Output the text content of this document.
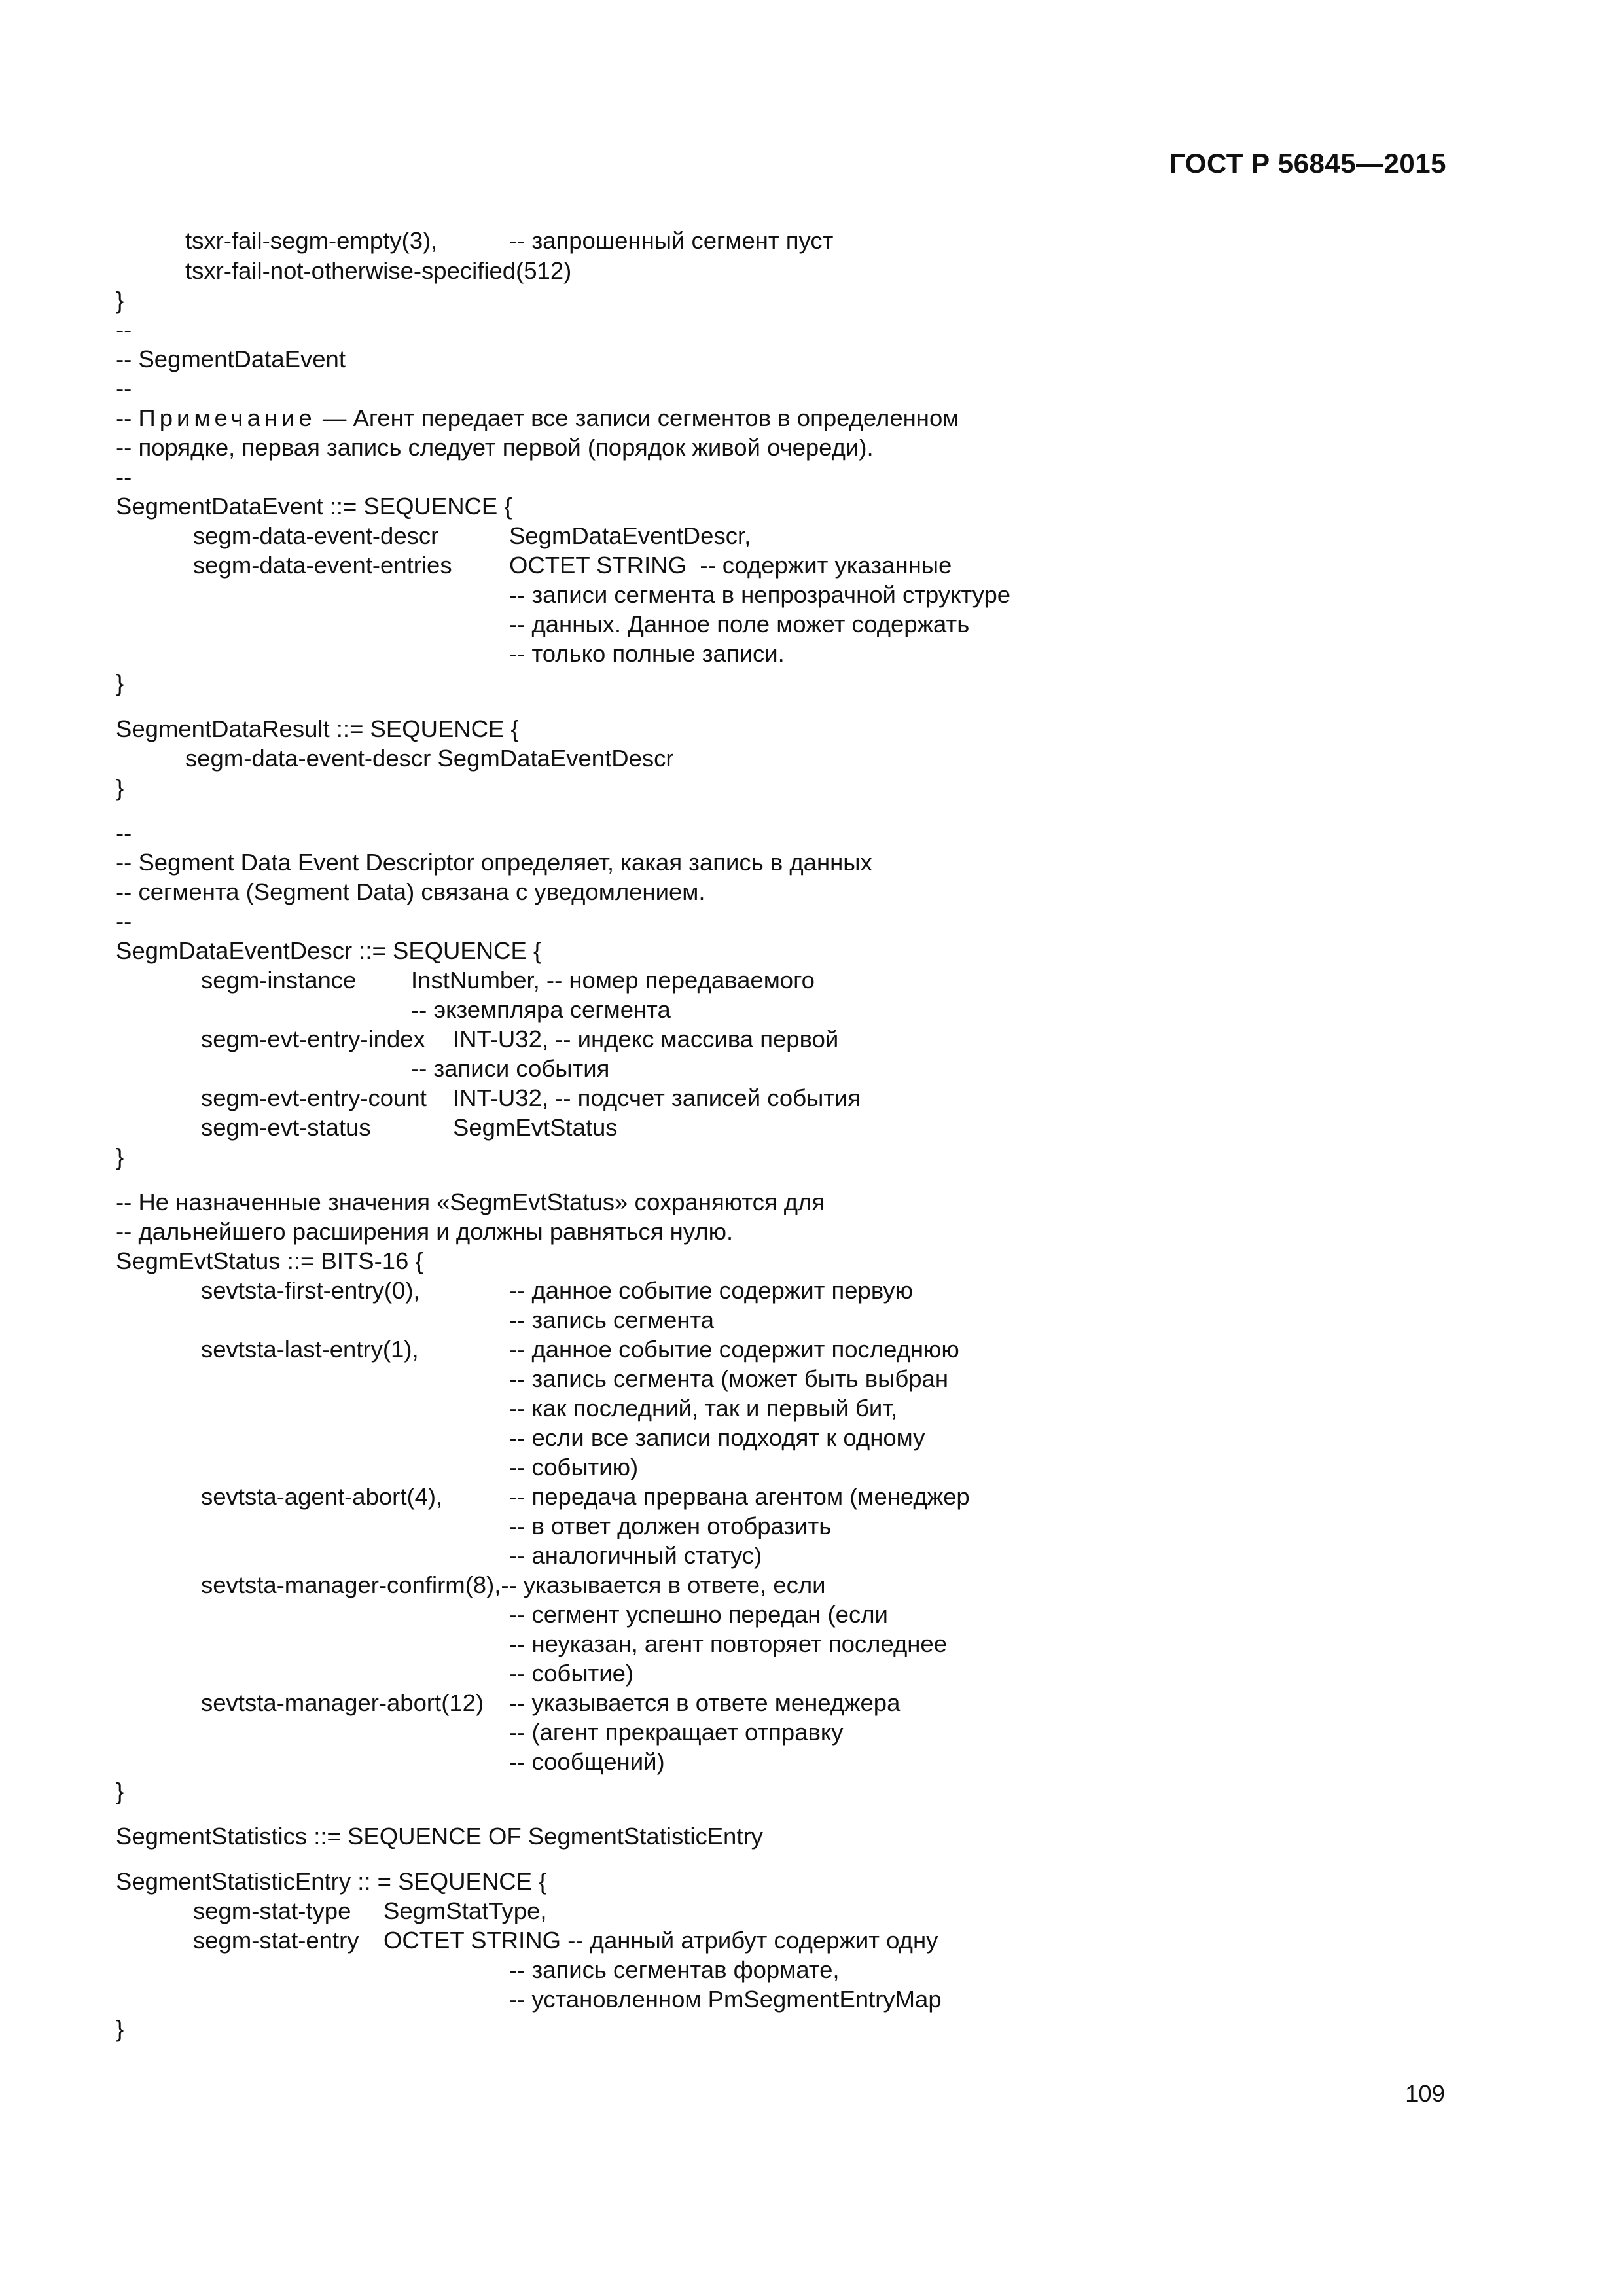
ГОСТ Р 56845—2015
tsxr-fail-segm-empty(3),	-- запрошенный сегмент пуст
tsxr-fail-not-otherwise-specified(512)
}
--
-- SegmentDataEvent
--
-- Примечание — Агент передает все записи сегментов в определенном
-- порядке, первая запись следует первой (порядок живой очереди).
--
SegmentDataEvent ::= SEQUENCE {
segm-data-event-descr	SegmDataEventDescr,
segm-data-event-entries OCTET STRING  -- содержит указанные
-- записи сегмента в непрозрачной структуре
-- данных. Данное поле может содержать
-- только полные записи.
}
SegmentDataResult ::= SEQUENCE {
segm-data-event-descr SegmDataEventDescr
}
--
-- Segment Data Event Descriptor определяет, какая запись в данных
-- сегмента (Segment Data) связана с уведомлением.
--
SegmDataEventDescr ::= SEQUENCE {
segm-instance InstNumber, -- номер передаваемого
-- экземпляра сегмента
segm-evt-entry-index INT-U32, -- индекс массива первой
-- записи события
segm-evt-entry-count INT-U32, -- подсчет записей события
segm-evt-status	SegmEvtStatus
}
-- Не назначенные значения «SegmEvtStatus» сохраняются для
-- дальнейшего расширения и должны равняться нулю.
SegmEvtStatus ::= BITS-16 {
sevtsta-first-entry(0),	-- данное событие содержит первую
-- запись сегмента
sevtsta-last-entry(1),	-- данное событие содержит последнюю
-- запись сегмента (может быть выбран
-- как последний, так и первый бит,
-- если все записи подходят к одному
-- событию)
sevtsta-agent-abort(4),	-- передача прервана агентом (менеджер
-- в ответ должен отобразить
-- аналогичный статус)
sevtsta-manager-confirm(8),-- указывается в ответе, если
-- сегмент успешно передан (если
-- неуказан, агент повторяет последнее
-- событие)
sevtsta-manager-abort(12) -- указывается в ответе менеджера
-- (агент прекращает отправку
-- сообщений)
}
SegmentStatistics ::= SEQUENCE OF SegmentStatisticEntry
SegmentStatisticEntry :: = SEQUENCE {
segm-stat-type SegmStatType,
segm-stat-entry OCTET STRING -- данный атрибут содержит одну
-- запись сегментав формате,
-- установленном PmSegmentEntryMap
}
109
